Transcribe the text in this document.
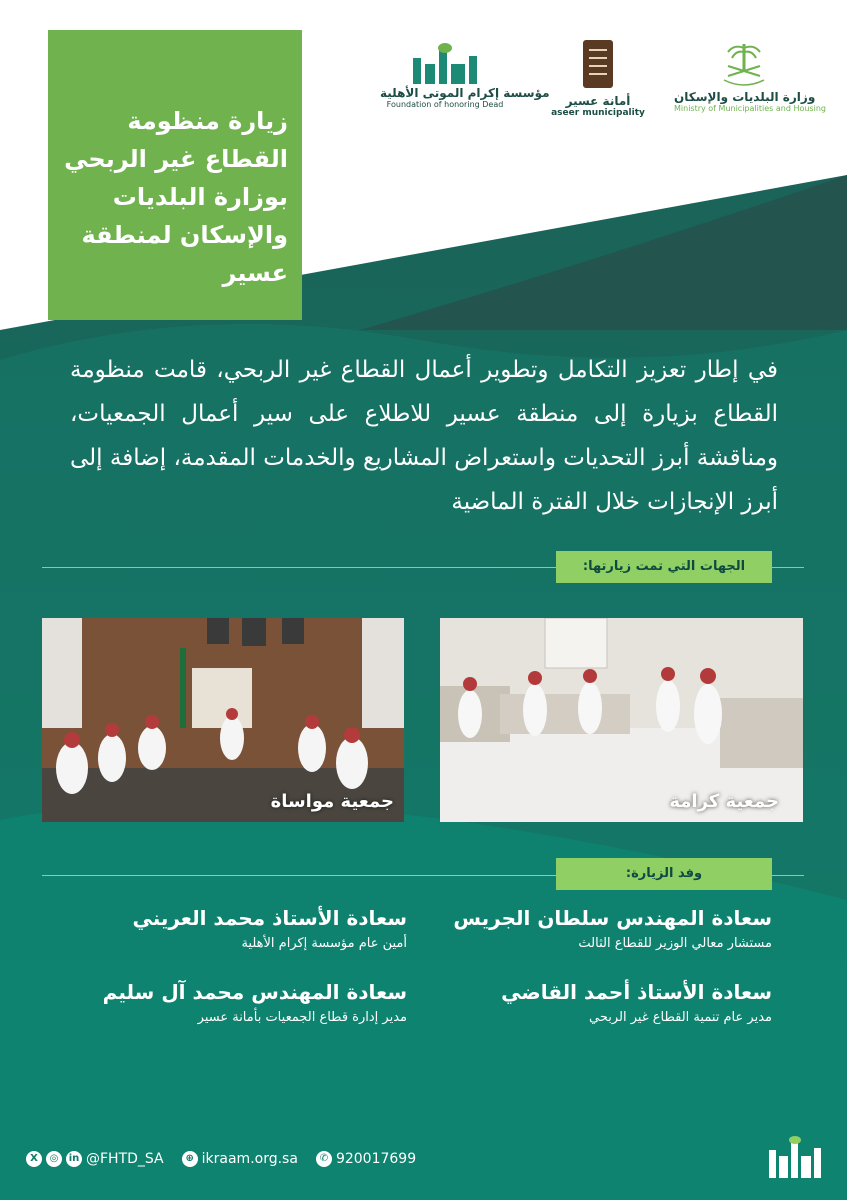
مؤسسة إكرام الموتى الأهلية
Foundation of honoring Dead	أمانة عسير
aseer municipality
وزارة البلديات والإسكان
Ministry of Municipalities and Housing
زيارة منظومة القطاع غير الربحي بوزارة البلديات والإسكان لمنطقة عسير
في إطار تعزيز التكامل وتطوير أعمال القطاع غير الربحي، قامت منظومة القطاع بزيارة إلى منطقة عسير للاطلاع على سير أعمال الجمعيات، ومناقشة أبرز التحديات واستعراض المشاريع والخدمات المقدمة، إضافة إلى أبرز الإنجازات خلال الفترة الماضية
الجهات التي تمت زيارتها:
جمعية كرامة
جمعية مواساة
وفد الزيارة:
سعادة المهندس سلطان الجريس
مستشار معالي الوزير للقطاع الثالث
سعادة الأستاذ محمد العريني
أمين عام مؤسسة إكرام الأهلية
سعادة الأستاذ أحمد القاضي
مدير عام تنمية القطاع غير الربحي
سعادة المهندس محمد آل سليم
مدير إدارة قطاع الجمعيات بأمانة عسير
X	◎	in @FHTD_SA	⊕ ikraam.org.sa	✆ 920017699
